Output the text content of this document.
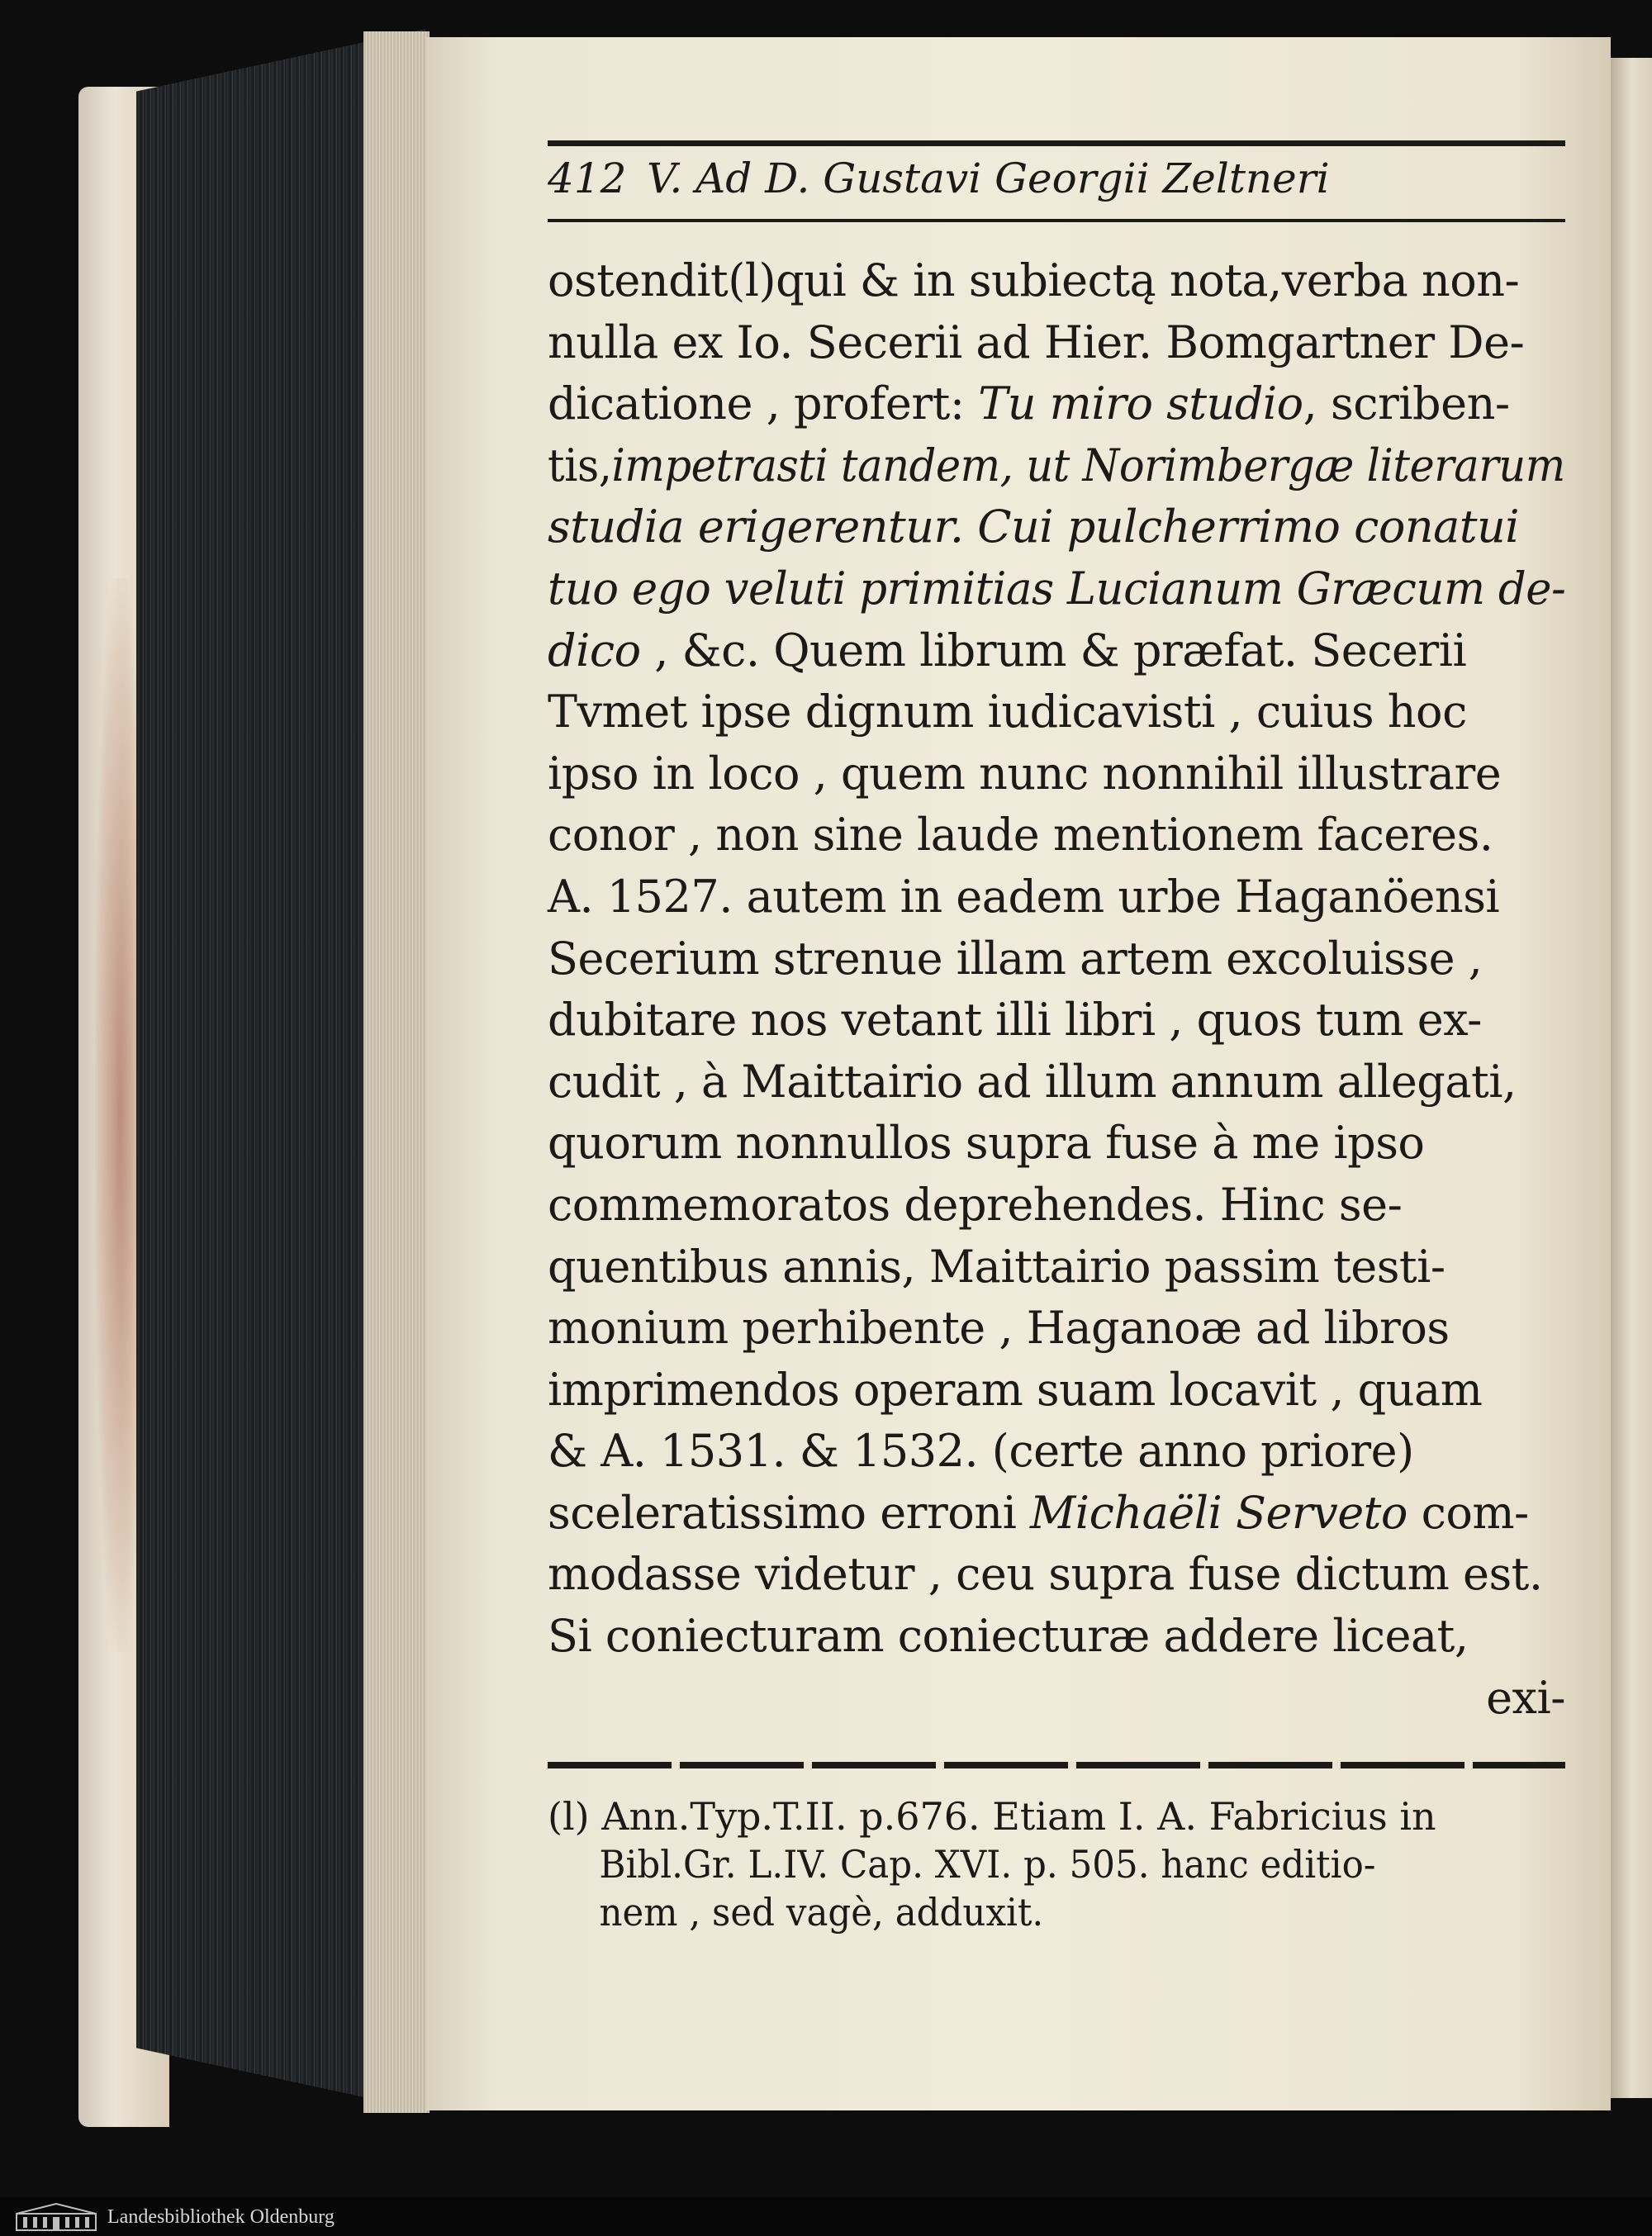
412 V. Ad D. Gustavi Georgii Zeltneri
ostendit(l)qui & in subiectą nota,verba non-
nulla ex Io. Secerii ad Hier. Bomgartner De-
dicatione , profert: Tu miro studio, scriben-
tis,impetrasti tandem, ut Norimbergæ literarum
studia erigerentur. Cui pulcherrimo conatui
tuo ego veluti primitias Lucianum Græcum de-
dico , &c. Quem librum & præfat. Secerii
Tvmet ipse dignum iudicavisti , cuius hoc
ipso in loco , quem nunc nonnihil illustrare
conor , non sine laude mentionem faceres.
A. 1527. autem in eadem urbe Haganöensi
Secerium strenue illam artem excoluisse ,
dubitare nos vetant illi libri , quos tum ex-
cudit , à Maittairio ad illum annum allegati,
quorum nonnullos supra fuse à me ipso
commemoratos deprehendes. Hinc se-
quentibus annis, Maittairio passim testi-
monium perhibente , Haganoæ ad libros
imprimendos operam suam locavit , quam
& A. 1531. & 1532. (certe anno priore)
sceleratissimo erroni Michaëli Serveto com-
modasse videtur , ceu supra fuse dictum est.
Si coniecturam coniecturæ addere liceat,
exi-
(l) Ann.Typ.T.II. p.676. Etiam I. A. Fabricius in
Bibl.Gr. L.IV. Cap. XVI. p. 505. hanc editio-
nem , sed vagè, adduxit.
Landesbibliothek Oldenburg
